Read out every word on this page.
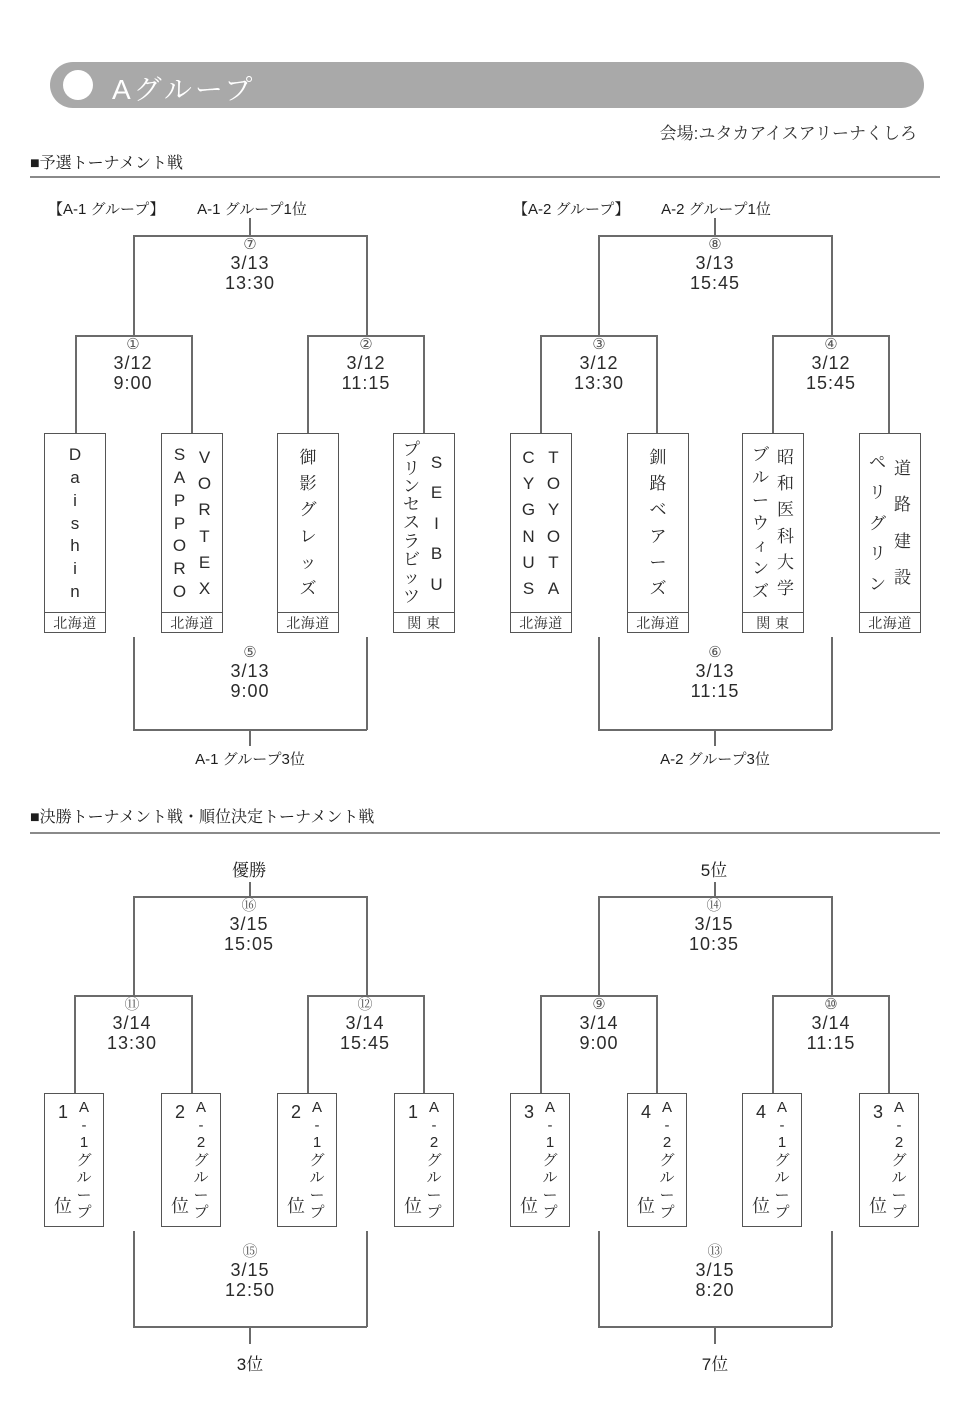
Aグループ
会場:ユタカアイスアリーナくしろ
■予選トーナメント戦
【A-1 グループ】 A-1 グループ1位
A-1 グループ3位
【A-2 グループ】 A-2 グループ1位
A-2 グループ3位
⑦
3/13
13:30
①
3/12
9:00
②
3/12
11:15
⑤
3/13
9:00
⑧
3/13
15:45
③
3/12
13:30
④
3/12
15:45
⑥
3/13
11:15
D
a
i
s
h
i
n
北海道
S
A
P
P
O
R
O
V
O
R
T
E
X
北海道
御
影
グ
レ
ッ
ズ
北海道
プ
リ
ン
セ
ス
ラ
ビ
ッ
ツ
S
E
I
B
U
関 東
C
Y
G
N
U
S
T
O
Y
O
T
A
北海道
釧
路
ベ
ア
ー
ズ
北海道
ブ
ル
ー
ウ
ィ
ン
ズ
昭
和
医
科
大
学
関 東
ペ
リ
グ
リ
ン
道
路
建
設
北海道
■決勝トーナメント戦・順位決定トーナメント戦
優勝
3位
5位
7位
⑯
3/15
15:05
⑪
3/14
13:30
⑫
3/14
15:45
⑮
3/15
12:50
⑭
3/15
10:35
⑨
3/14
9:00
⑩
3/14
11:15
⑬
3/15
8:20
1
位
A
-
1
グ
ル
ー
プ
2
位
A
-
2
グ
ル
ー
プ
2
位
A
-
1
グ
ル
ー
プ
1
位
A
-
2
グ
ル
ー
プ
3
位
A
-
1
グ
ル
ー
プ
4
位
A
-
2
グ
ル
ー
プ
4
位
A
-
1
グ
ル
ー
プ
3
位
A
-
2
グ
ル
ー
プ
